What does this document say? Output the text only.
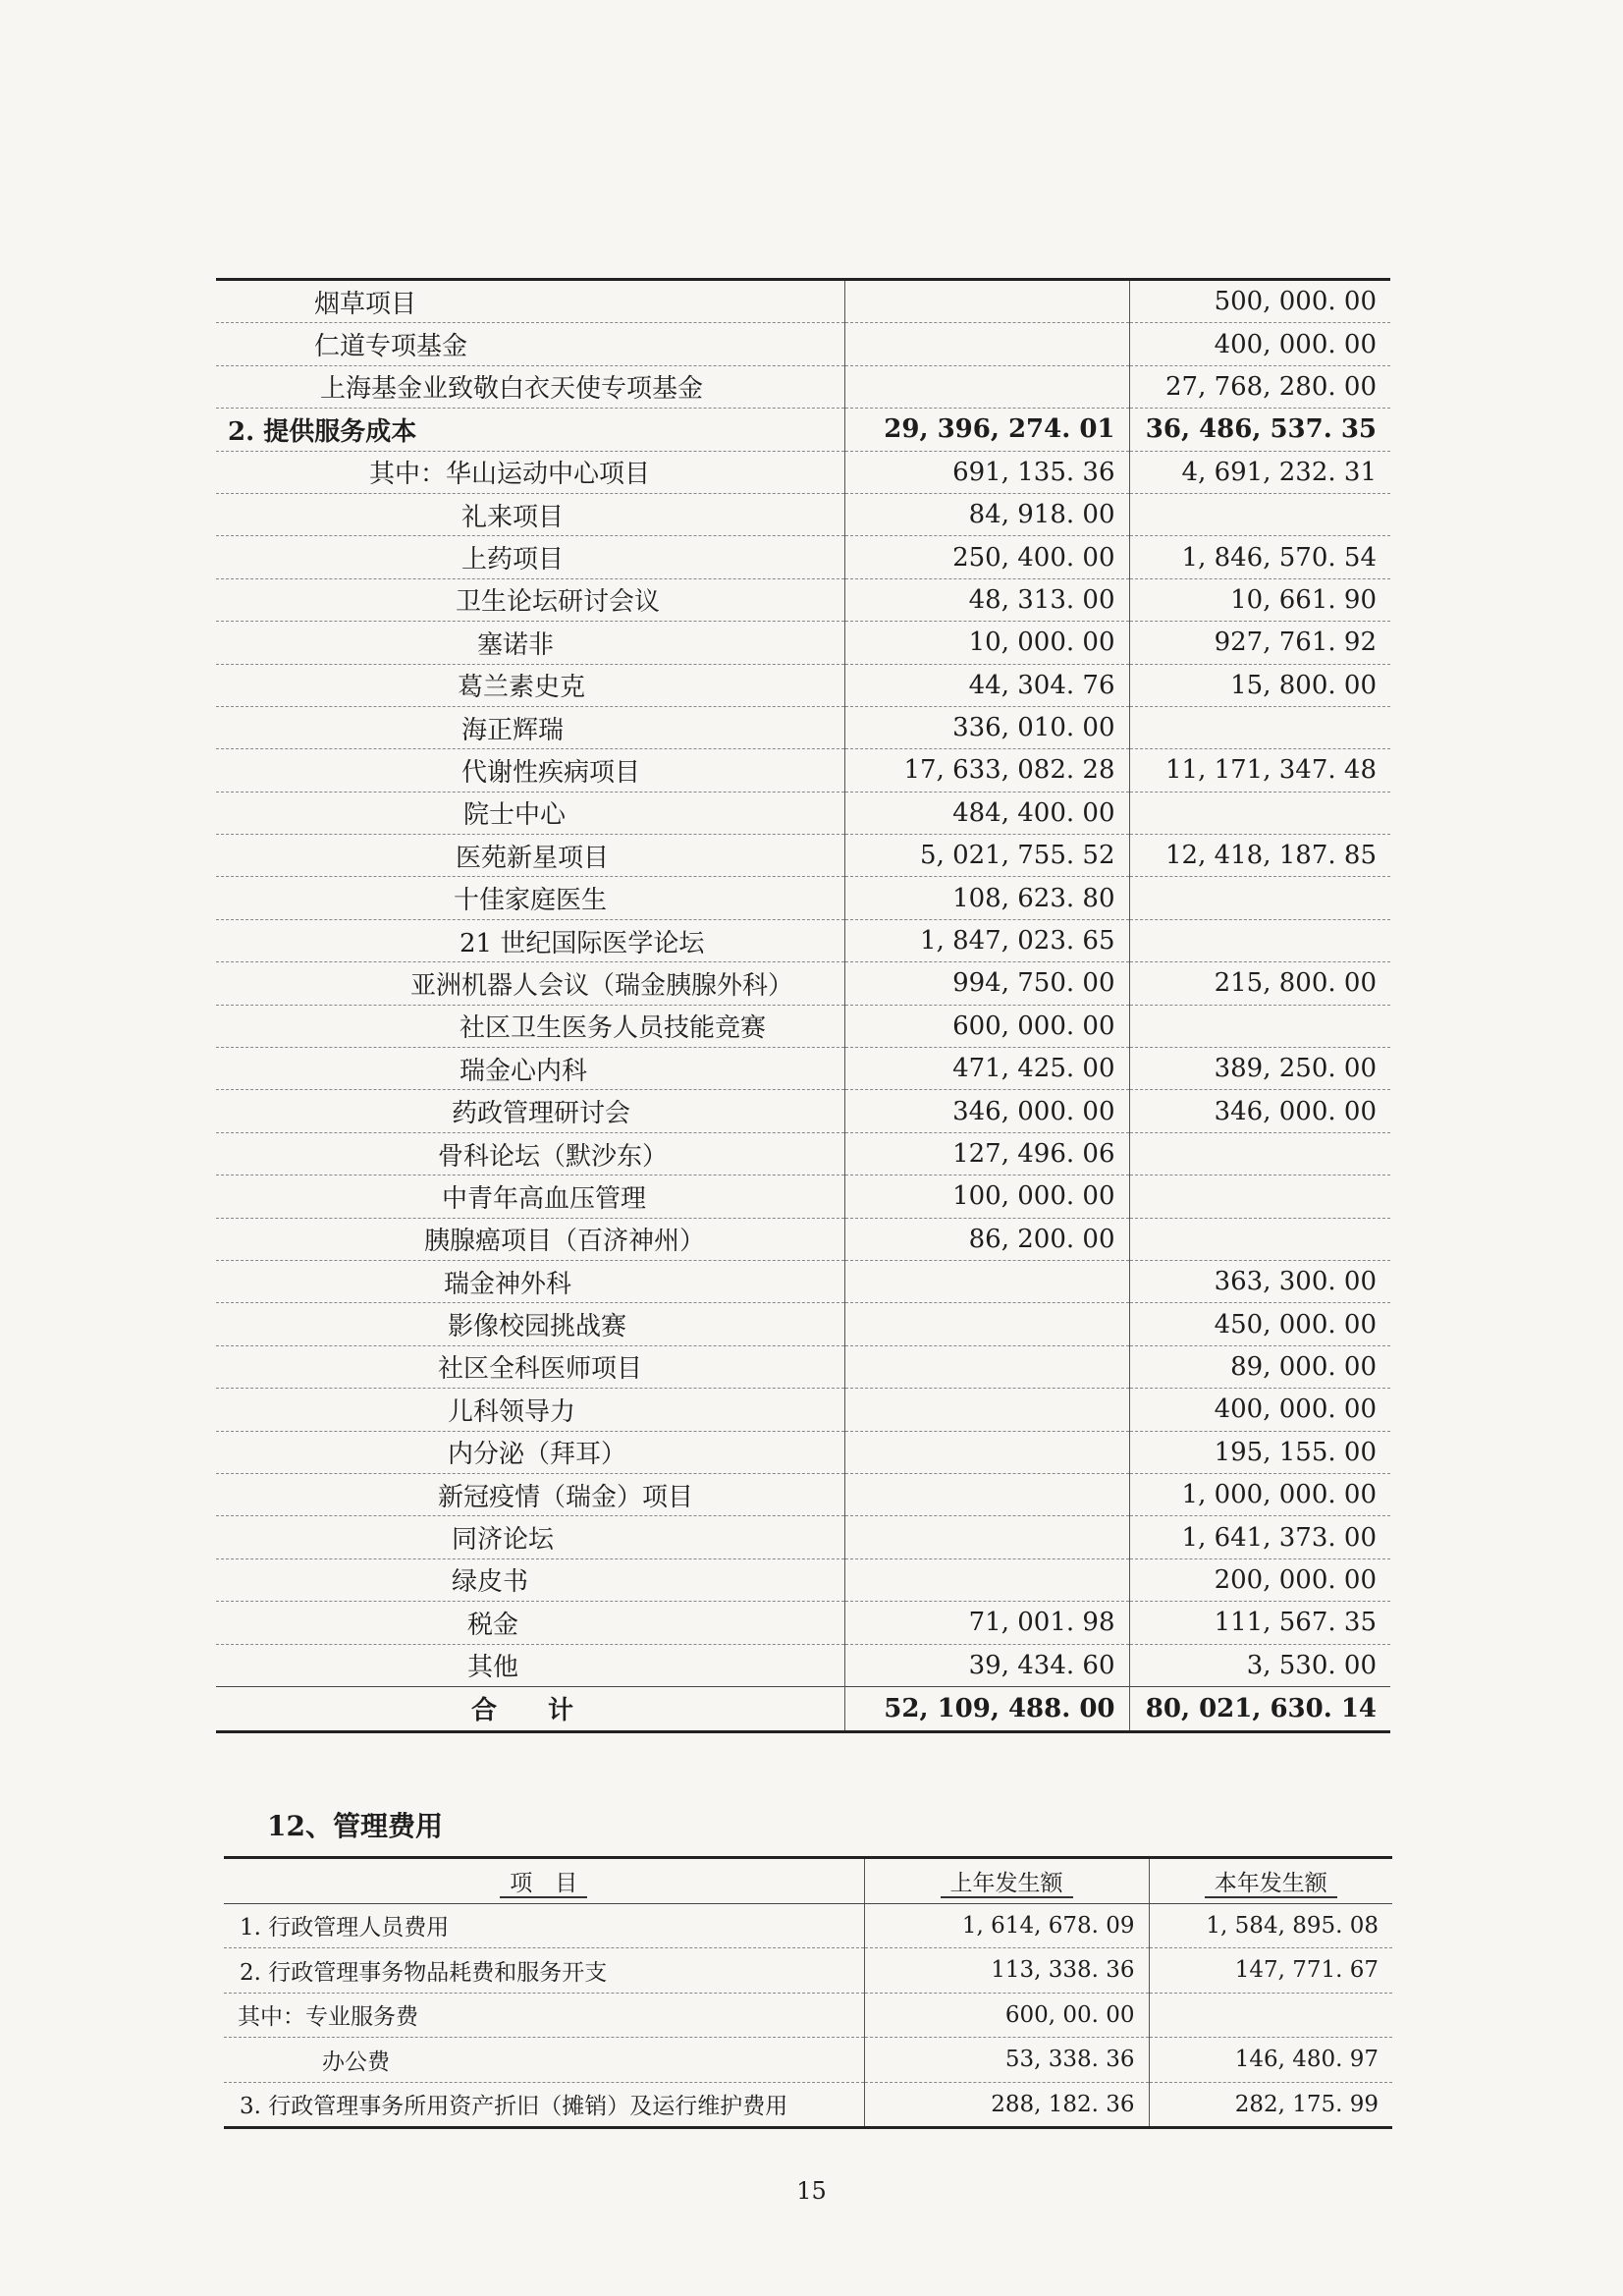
烟草项目		500, 000. 00
仁道专项基金		400, 000. 00
上海基金业致敬白衣天使专项基金		27, 768, 280. 00
2. 提供服务成本	29, 396, 274. 01	36, 486, 537. 35
其中：华山运动中心项目	691, 135. 36	4, 691, 232. 31
礼来项目	84, 918. 00	
上药项目	250, 400. 00	1, 846, 570. 54
卫生论坛研讨会议	48, 313. 00	10, 661. 90
塞诺非	10, 000. 00	927, 761. 92
葛兰素史克	44, 304. 76	15, 800. 00
海正辉瑞	336, 010. 00	
代谢性疾病项目	17, 633, 082. 28	11, 171, 347. 48
院士中心	484, 400. 00	
医苑新星项目	5, 021, 755. 52	12, 418, 187. 85
十佳家庭医生	108, 623. 80	
21 世纪国际医学论坛	1, 847, 023. 65	
亚洲机器人会议（瑞金胰腺外科）	994, 750. 00	215, 800. 00
社区卫生医务人员技能竞赛	600, 000. 00	
瑞金心内科	471, 425. 00	389, 250. 00
药政管理研讨会	346, 000. 00	346, 000. 00
骨科论坛（默沙东）	127, 496. 06	
中青年高血压管理	100, 000. 00	
胰腺癌项目（百济神州）	86, 200. 00	
瑞金神外科		363, 300. 00
影像校园挑战赛		450, 000. 00
社区全科医师项目		89, 000. 00
儿科领导力		400, 000. 00
内分泌（拜耳）		195, 155. 00
新冠疫情（瑞金）项目		1, 000, 000. 00
同济论坛		1, 641, 373. 00
绿皮书		200, 000. 00
税金	71, 001. 98	111, 567. 35
其他	39, 434. 60	3, 530. 00
合　　计	52, 109, 488. 00	80, 021, 630. 14
12、管理费用
项　目	上年发生额	本年发生额
1. 行政管理人员费用	1, 614, 678. 09	1, 584, 895. 08
2. 行政管理事务物品耗费和服务开支	113, 338. 36	147, 771. 67
其中：专业服务费	600, 00. 00	
办公费	53, 338. 36	146, 480. 97
3. 行政管理事务所用资产折旧（摊销）及运行维护费用	288, 182. 36	282, 175. 99
15
